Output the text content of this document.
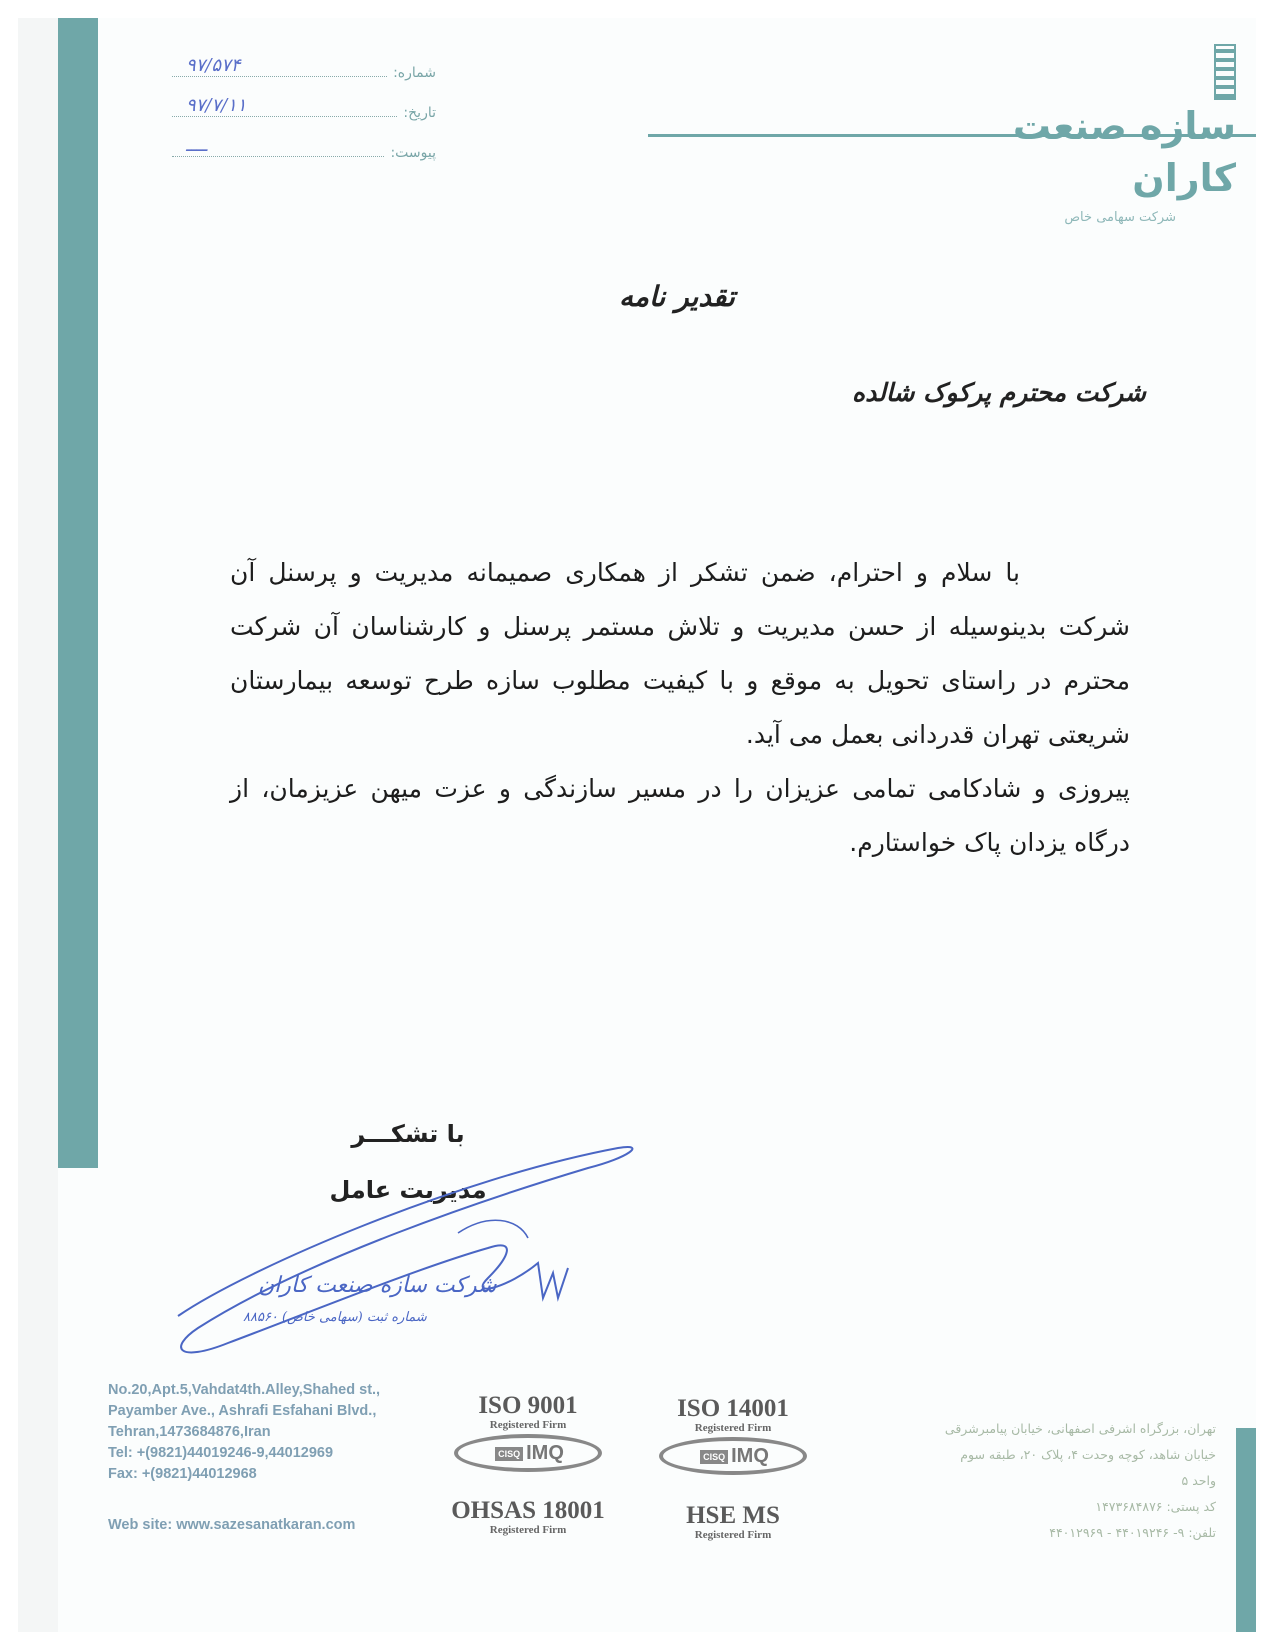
شماره:
۹۷/۵۷۴
تاریخ:
۹۷/۷/۱۱
پیوست:
ــــ	سازه صنعت کاران
شرکت سهامی خاص
تقدیر نامه
شرکت محترم پرکوک شالده

با سلام و احترام، ضمن تشکر از همکاری صمیمانه مدیریت و پرسنل آن شرکت بدینوسیله از حسن مدیریت و تلاش مستمر پرسنل و کارشناسان آن شرکت محترم در راستای تحویل به موقع و با کیفیت مطلوب سازه طرح توسعه بیمارستان شریعتی تهران قدردانی بعمل می آید.

پیروزی و شادکامی تمامی عزیزان را در مسیر سازندگی و عزت میهن عزیزمان، از درگاه یزدان پاک خواستارم.

با تشکـــر
مدیریت عامل
شرکت سازه صنعت کاران
شماره ثبت (سهامی خاص) ۸۸۵۶۰
No.20,Apt.5,Vahdat4th.Alley,Shahed st.,
Payamber Ave., Ashrafi Esfahani Blvd.,
Tehran,1473684876,Iran
Tel: +(9821)44019246-9,44012969
Fax: +(9821)44012968
Web site: www.sazesanatkaran.com
ISO 9001
Registered Firm
CISQ IMQ
ISO 14001
Registered Firm
CISQ IMQ
OHSAS 18001
Registered Firm
HSE MS
Registered Firm
تهران، بزرگراه اشرفی اصفهانی، خیابان پیامبرشرقی
خیابان شاهد، کوچه وحدت ۴، پلاک ۲۰، طبقه سوم
واحد ۵
کد پستی: ۱۴۷۳۶۸۴۸۷۶
تلفن: ۹- ۴۴۰۱۹۲۴۶ - ۴۴۰۱۲۹۶۹
